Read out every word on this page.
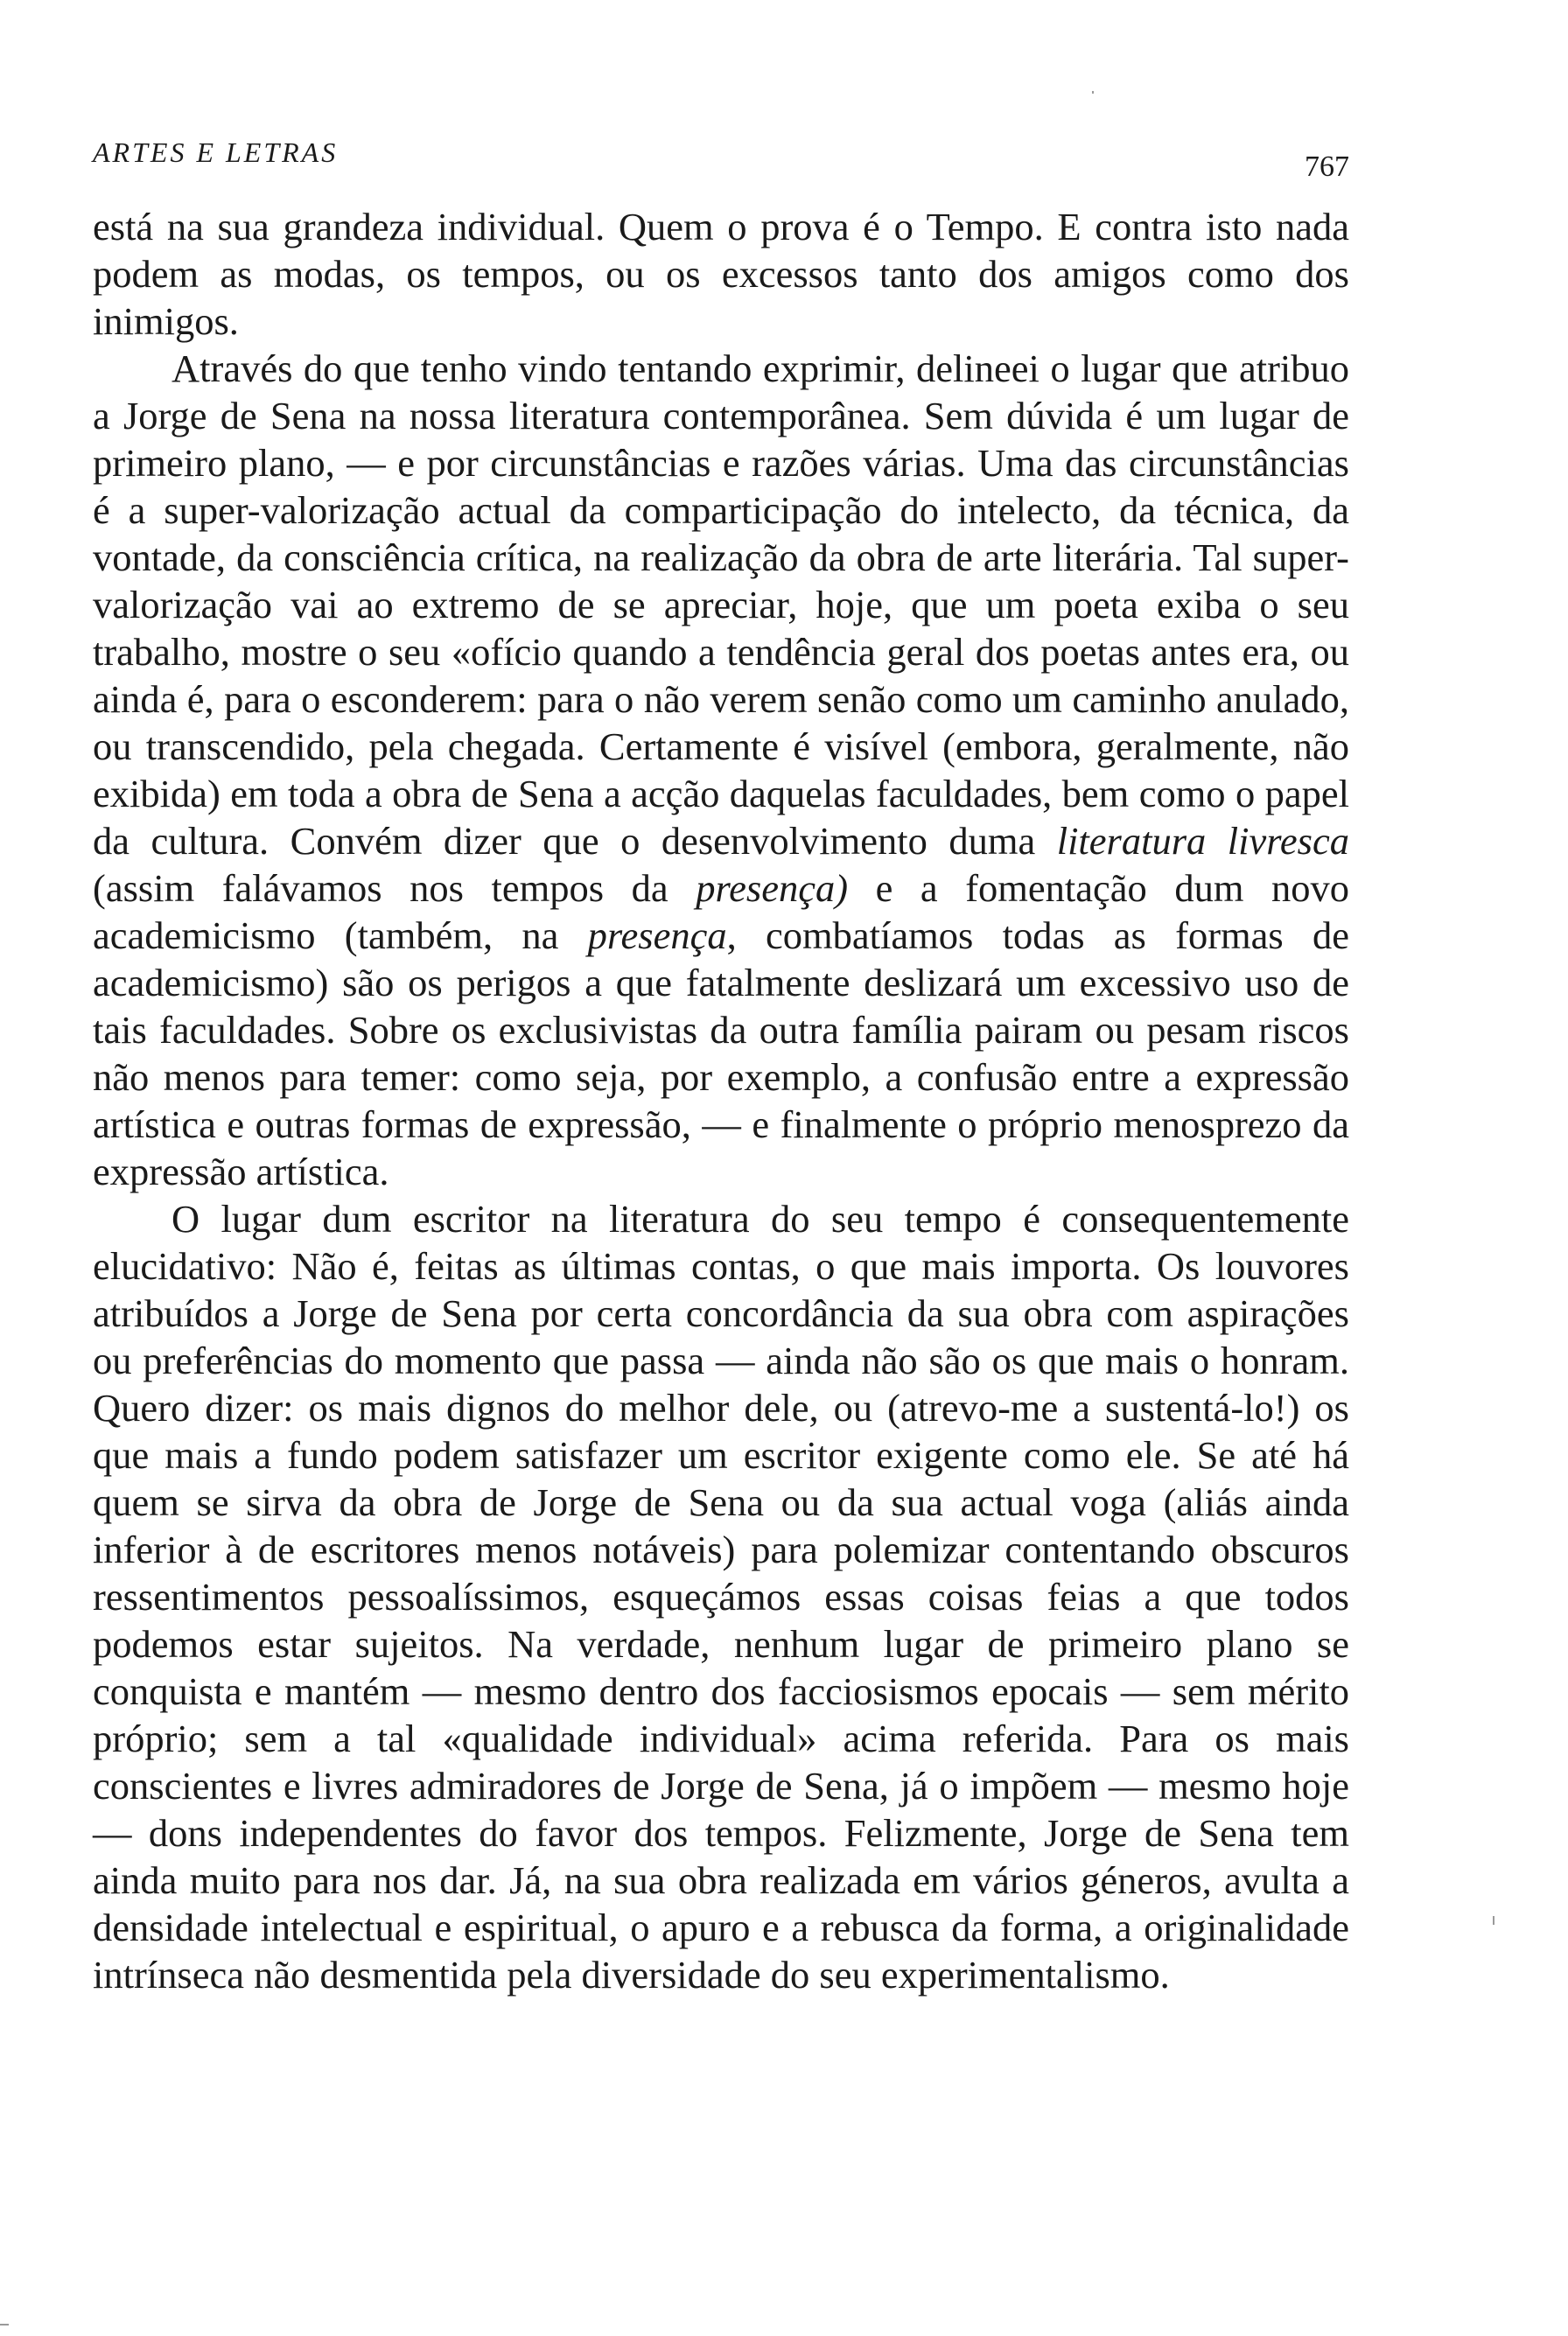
ARTES E LETRAS	767

está na sua grandeza individual. Quem o prova é o Tempo. E contra isto nada podem as modas, os tempos, ou os excessos tanto dos amigos como dos inimigos.

Através do que tenho vindo tentando exprimir, delineei o lugar que atribuo a Jorge de Sena na nossa literatura contemporânea. Sem dúvida é um lugar de primeiro plano, — e por circunstâncias e razões várias. Uma das circunstâncias é a super-valorização actual da comparticipação do intelecto, da técnica, da vontade, da consciência crítica, na realização da obra de arte literária. Tal super-valorização vai ao extremo de se apreciar, hoje, que um poeta exiba o seu trabalho, mostre o seu «ofício quando a tendência geral dos poetas antes era, ou ainda é, para o esconderem: para o não verem senão como um caminho anulado, ou transcendido, pela chegada. Certamente é visível (embora, geralmente, não exibida) em toda a obra de Sena a acção daquelas faculdades, bem como o papel da cultura. Convém dizer que o desenvolvimento duma literatura livresca (assim falávamos nos tempos da presença) e a fomentação dum novo academicismo (também, na presença, combatíamos todas as formas de academicismo) são os perigos a que fatalmente deslizará um excessivo uso de tais faculdades. Sobre os exclusivistas da outra família pairam ou pesam riscos não menos para temer: como seja, por exemplo, a confusão entre a expressão artística e outras formas de expressão, — e finalmente o próprio menosprezo da expressão artística.

O lugar dum escritor na literatura do seu tempo é consequentemente elucidativo: Não é, feitas as últimas contas, o que mais importa. Os louvores atribuídos a Jorge de Sena por certa concordância da sua obra com aspirações ou preferências do momento que passa — ainda não são os que mais o honram. Quero dizer: os mais dignos do melhor dele, ou (atrevo-me a sustentá-lo!) os que mais a fundo podem satisfazer um escritor exigente como ele. Se até há quem se sirva da obra de Jorge de Sena ou da sua actual voga (aliás ainda inferior à de escritores menos notáveis) para polemizar contentando obscuros ressentimentos pessoalíssimos, esqueçámos essas coisas feias a que todos podemos estar sujeitos. Na verdade, nenhum lugar de primeiro plano se conquista e mantém — mesmo dentro dos facciosismos epocais — sem mérito próprio; sem a tal «qualidade individual» acima referida. Para os mais conscientes e livres admiradores de Jorge de Sena, já o impõem — mesmo hoje — dons independentes do favor dos tempos. Felizmente, Jorge de Sena tem ainda muito para nos dar. Já, na sua obra realizada em vários géneros, avulta a densidade intelectual e espiritual, o apuro e a rebusca da forma, a originalidade intrínseca não desmentida pela diversidade do seu experimentalismo.
